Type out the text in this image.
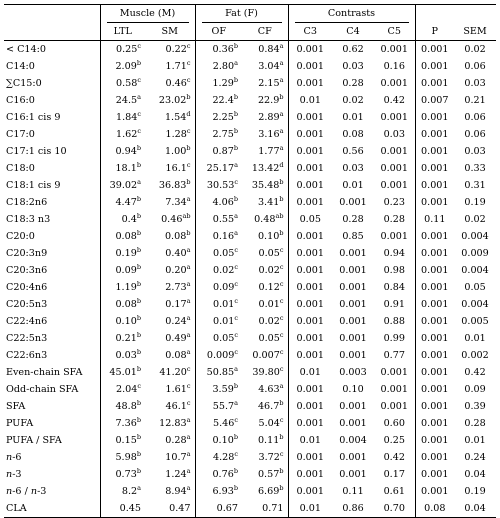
	Muscle (M)		Fat (F)		Contrasts				

	LTL	SM	OF	CF	C3	C4	C5	P	SEM
< C14:0	0.25$^c$	0.22$^c$	0.36$^b$	0.84$^a$	0.001	0.62	0.001	0.001	0.02
C14:0	2.09$^b$	1.71$^c$	2.80$^a$	3.04$^a$	0.001	0.03	0.16	0.001	0.06
∑C15:0	0.58$^c$	0.46$^c$	1.29$^b$	2.15$^a$	0.001	0.28	0.001	0.001	0.03
C16:0	24.5$^a$	23.02$^b$	22.4$^b$	22.9$^b$	0.01	0.02	0.42	0.007	0.21
C16:1 cis 9	1.84$^c$	1.54$^d$	2.25$^b$	2.89$^a$	0.001	0.01	0.001	0.001	0.06
C17:0	1.62$^c$	1.28$^c$	2.75$^b$	3.16$^a$	0.001	0.08	0.03	0.001	0.06
C17:1 cis 10	0.94$^b$	1.00$^b$	0.87$^b$	1.77$^a$	0.001	0.56	0.001	0.001	0.03
C18:0	18.1$^b$	16.1$^c$	25.17$^a$	13.42$^d$	0.001	0.03	0.001	0.001	0.33
C18:1 cis 9	39.02$^a$	36.83$^b$	30.53$^c$	35.48$^b$	0.001	0.01	0.001	0.001	0.31
C18:2n6	4.47$^b$	7.34$^a$	4.06$^b$	3.41$^b$	0.001	0.001	0.23	0.001	0.19
C18:3 n3	0.4$^b$	0.46$^{ab}$	0.55$^a$	0.48$^{ab}$	0.05	0.28	0.28	0.11	0.02
C20:0	0.08$^b$	0.08$^b$	0.16$^a$	0.10$^b$	0.001	0.85	0.001	0.001	0.004
C20:3n9	0.19$^b$	0.40$^a$	0.05$^c$	0.05$^c$	0.001	0.001	0.94	0.001	0.009
C20:3n6	0.09$^b$	0.20$^a$	0.02$^c$	0.02$^c$	0.001	0.001	0.98	0.001	0.004
C20:4n6	1.19$^b$	2.73$^a$	0.09$^c$	0.12$^c$	0.001	0.001	0.84	0.001	0.05
C20:5n3	0.08$^b$	0.17$^a$	0.01$^c$	0.01$^c$	0.001	0.001	0.91	0.001	0.004
C22:4n6	0.10$^b$	0.24$^a$	0.01$^c$	0.02$^c$	0.001	0.001	0.88	0.001	0.005
C22:5n3	0.21$^b$	0.49$^a$	0.05$^c$	0.05$^c$	0.001	0.001	0.99	0.001	0.01
C22:6n3	0.03$^b$	0.08$^a$	0.009$^c$	0.007$^c$	0.001	0.001	0.77	0.001	0.002
Even-chain SFA	45.01$^b$	41.20$^c$	50.85$^a$	39.80$^c$	0.01	0.003	0.001	0.001	0.42
Odd-chain SFA	2.04$^c$	1.61$^c$	3.59$^b$	4.63$^a$	0.001	0.10	0.001	0.001	0.09
SFA	48.8$^b$	46.1$^c$	55.7$^a$	46.7$^b$	0.001	0.001	0.001	0.001	0.39
PUFA	7.36$^b$	12.83$^a$	5.46$^c$	5.04$^c$	0.001	0.001	0.60	0.001	0.28
PUFA / SFA	0.15$^b$	0.28$^a$	0.10$^b$	0.11$^b$	0.01	0.004	0.25	0.001	0.01
n-6	5.98$^b$	10.7$^a$	4.28$^c$	3.72$^c$	0.001	0.001	0.42	0.001	0.24
n-3	0.73$^b$	1.24$^a$	0.76$^b$	0.57$^b$	0.001	0.001	0.17	0.001	0.04
n-6 / n-3	8.2$^a$	8.94$^a$	6.93$^b$	6.69$^b$	0.001	0.11	0.61	0.001	0.19
CLA	0.45	0.47	0.67	0.71	0.01	0.86	0.70	0.08	0.04
